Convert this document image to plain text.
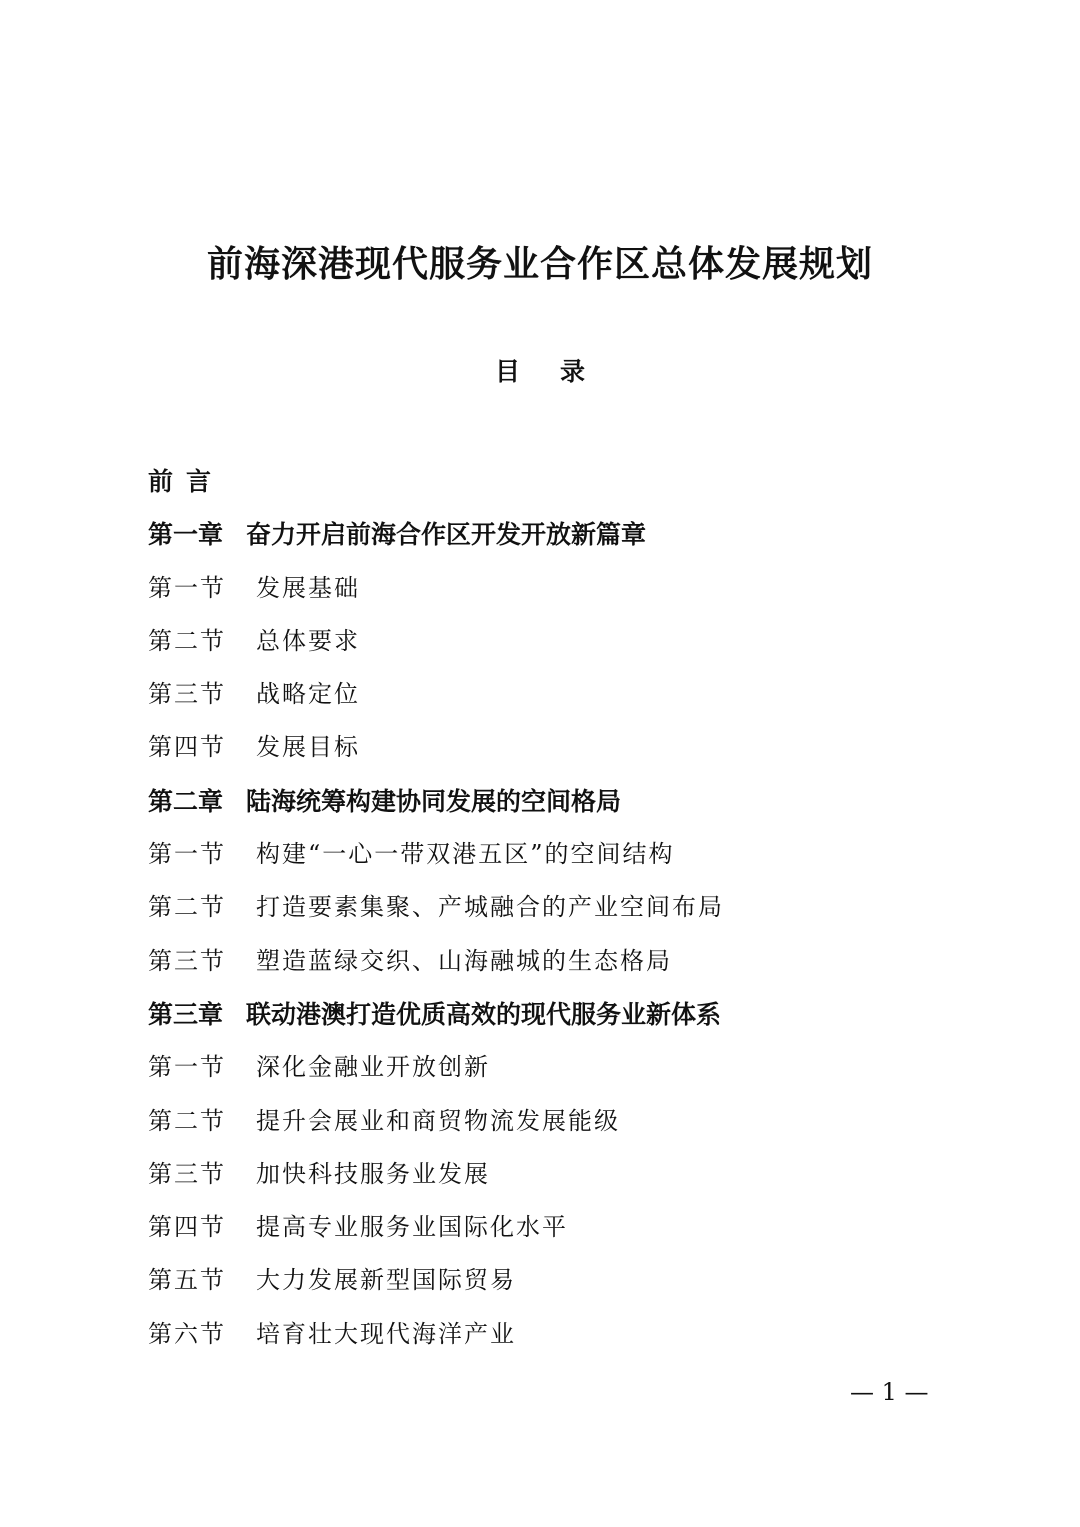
前海深港现代服务业合作区总体发展规划
目 录
前 言
第一章 奋力开启前海合作区开发开放新篇章
第一节 发展基础
第二节 总体要求
第三节 战略定位
第四节 发展目标
第二章 陆海统筹构建协同发展的空间格局
第一节 构建“一心一带双港五区”的空间结构
第二节 打造要素集聚、产城融合的产业空间布局
第三节 塑造蓝绿交织、山海融城的生态格局
第三章 联动港澳打造优质高效的现代服务业新体系
第一节 深化金融业开放创新
第二节 提升会展业和商贸物流发展能级
第三节 加快科技服务业发展
第四节 提高专业服务业国际化水平
第五节 大力发展新型国际贸易
第六节 培育壮大现代海洋产业
— 1 —
